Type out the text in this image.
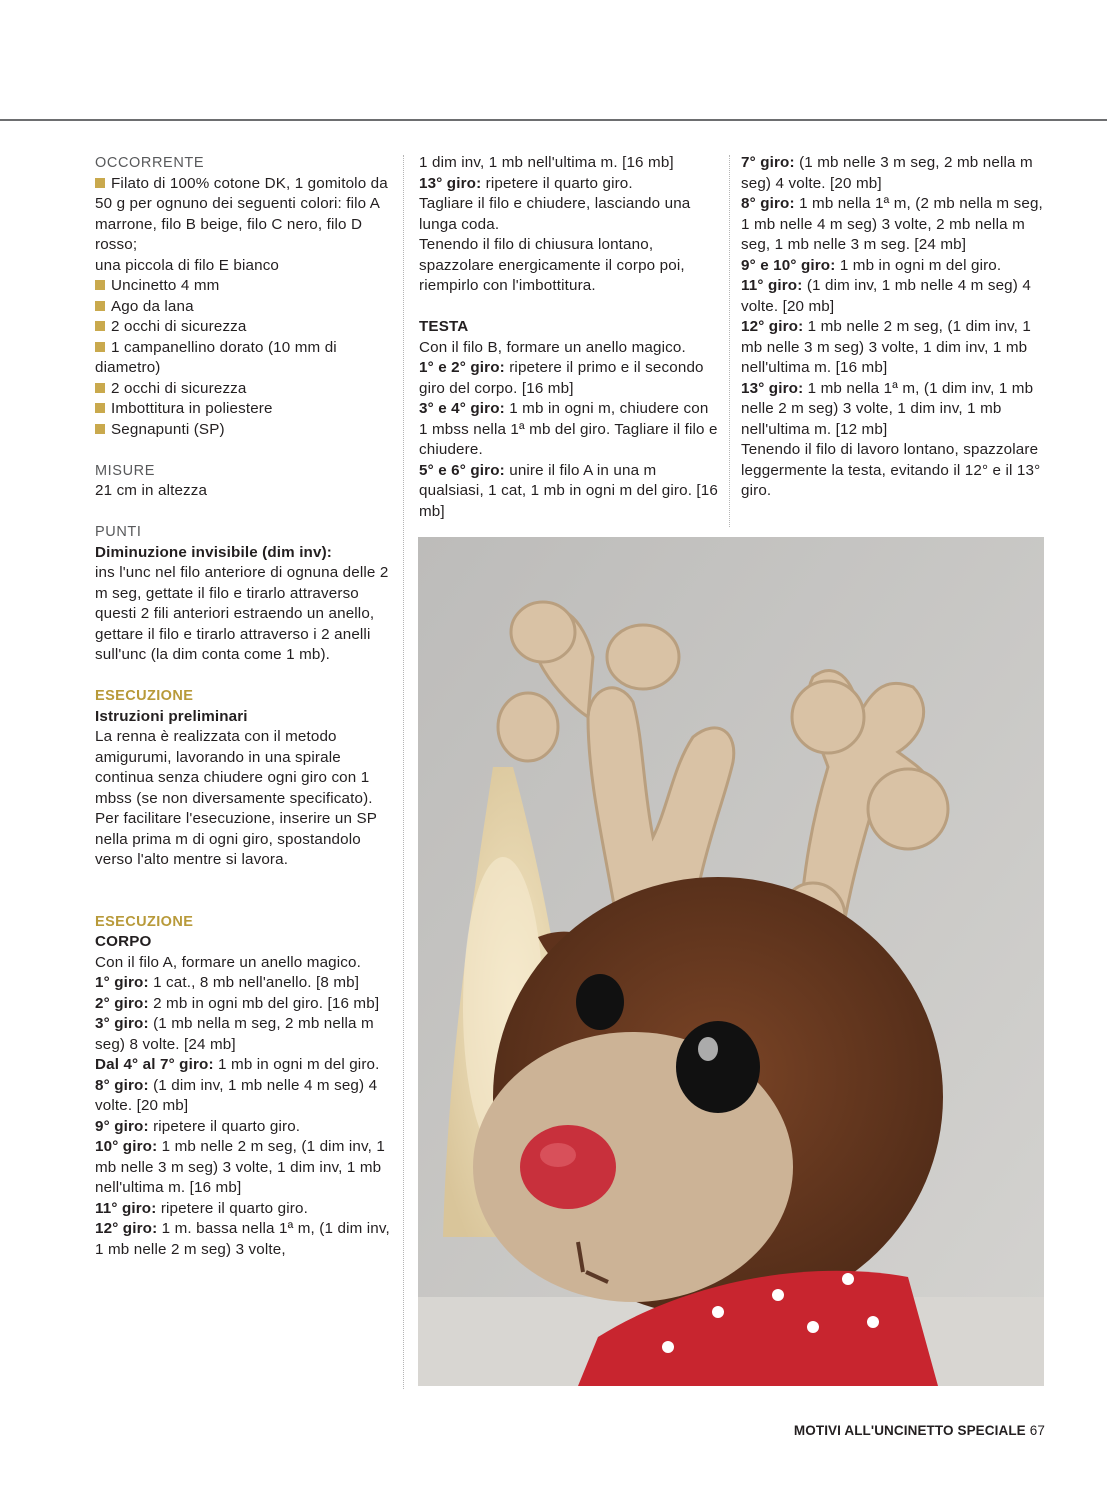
OCCORRENTE

Filato di 100% cotone DK, 1 gomitolo da 50 g per ognuno dei seguenti colori: filo A marrone, filo B beige, filo C nero, filo D rosso;

una piccola di filo E bianco

Uncinetto 4 mm

Ago da lana

2 occhi di sicurezza

1 campanellino dorato (10 mm di diametro)

2 occhi di sicurezza

Imbottitura in poliestere

Segnapunti (SP)

MISURE

21 cm in altezza

PUNTI

Diminuzione invisibile (dim inv):

ins l'unc nel filo anteriore di ognuna delle 2 m seg, gettate il filo e tirarlo attraverso questi 2 fili anteriori estraendo un anello, gettare il filo e tirarlo attraverso i 2 anelli sull'unc (la dim conta come 1 mb).

ESECUZIONE

Istruzioni preliminari

La renna è realizzata con il metodo amigurumi, lavorando in una spirale continua senza chiudere ogni giro con 1 mbss (se non diversamente specificato).

Per facilitare l'esecuzione, inserire un SP nella prima m di ogni giro, spostandolo verso l'alto mentre si lavora.

ESECUZIONE

CORPO

Con il filo A, formare un anello magico.

1° giro: 1 cat., 8 mb nell'anello. [8 mb]

2° giro: 2 mb in ogni mb del giro. [16 mb]

3° giro: (1 mb nella m seg, 2 mb nella m seg) 8 volte. [24 mb]

Dal 4° al 7° giro: 1 mb in ogni m del giro.

8° giro: (1 dim inv, 1 mb nelle 4 m seg) 4 volte. [20 mb]

9° giro: ripetere il quarto giro.

10° giro: 1 mb nelle 2 m seg, (1 dim inv, 1 mb nelle 3 m seg) 3 volte, 1 dim inv, 1 mb nell'ultima m. [16 mb]

11° giro: ripetere il quarto giro.

12° giro: 1 m. bassa nella 1ª m, (1 dim inv, 1 mb nelle 2 m seg) 3 volte,

1 dim inv, 1 mb nell'ultima m. [16 mb]

13° giro: ripetere il quarto giro.

Tagliare il filo e chiudere, lasciando una lunga coda.

Tenendo il filo di chiusura lontano, spazzolare energicamente il corpo poi, riempirlo con l'imbottitura.

TESTA

Con il filo B, formare un anello magico.

1° e 2° giro: ripetere il primo e il secondo giro del corpo. [16 mb]

3° e 4° giro: 1 mb in ogni m, chiudere con 1 mbss nella 1ª mb del giro. Tagliare il filo e chiudere.

5° e 6° giro: unire il filo A in una m qualsiasi, 1 cat, 1 mb in ogni m del giro. [16 mb]

7° giro: (1 mb nelle 3 m seg, 2 mb nella m seg) 4 volte. [20 mb]

8° giro: 1 mb nella 1ª m, (2 mb nella m seg, 1 mb nelle 4 m seg) 3 volte, 2 mb nella m seg, 1 mb nelle 3 m seg. [24 mb]

9° e 10° giro: 1 mb in ogni m del giro.

11° giro: (1 dim inv, 1 mb nelle 4 m seg) 4 volte. [20 mb]

12° giro: 1 mb nelle 2 m seg, (1 dim inv, 1 mb nelle 3 m seg) 3 volte, 1 dim inv, 1 mb nell'ultima m. [16 mb]

13° giro: 1 mb nella 1ª m, (1 dim inv, 1 mb nelle 2 m seg) 3 volte, 1 dim inv, 1 mb nell'ultima m. [12 mb]

Tenendo il filo di lavoro lontano, spazzolare leggermente la testa, evitando il 12° e il 13° giro.

MOTIVI ALL'UNCINETTO SPECIALE 67
